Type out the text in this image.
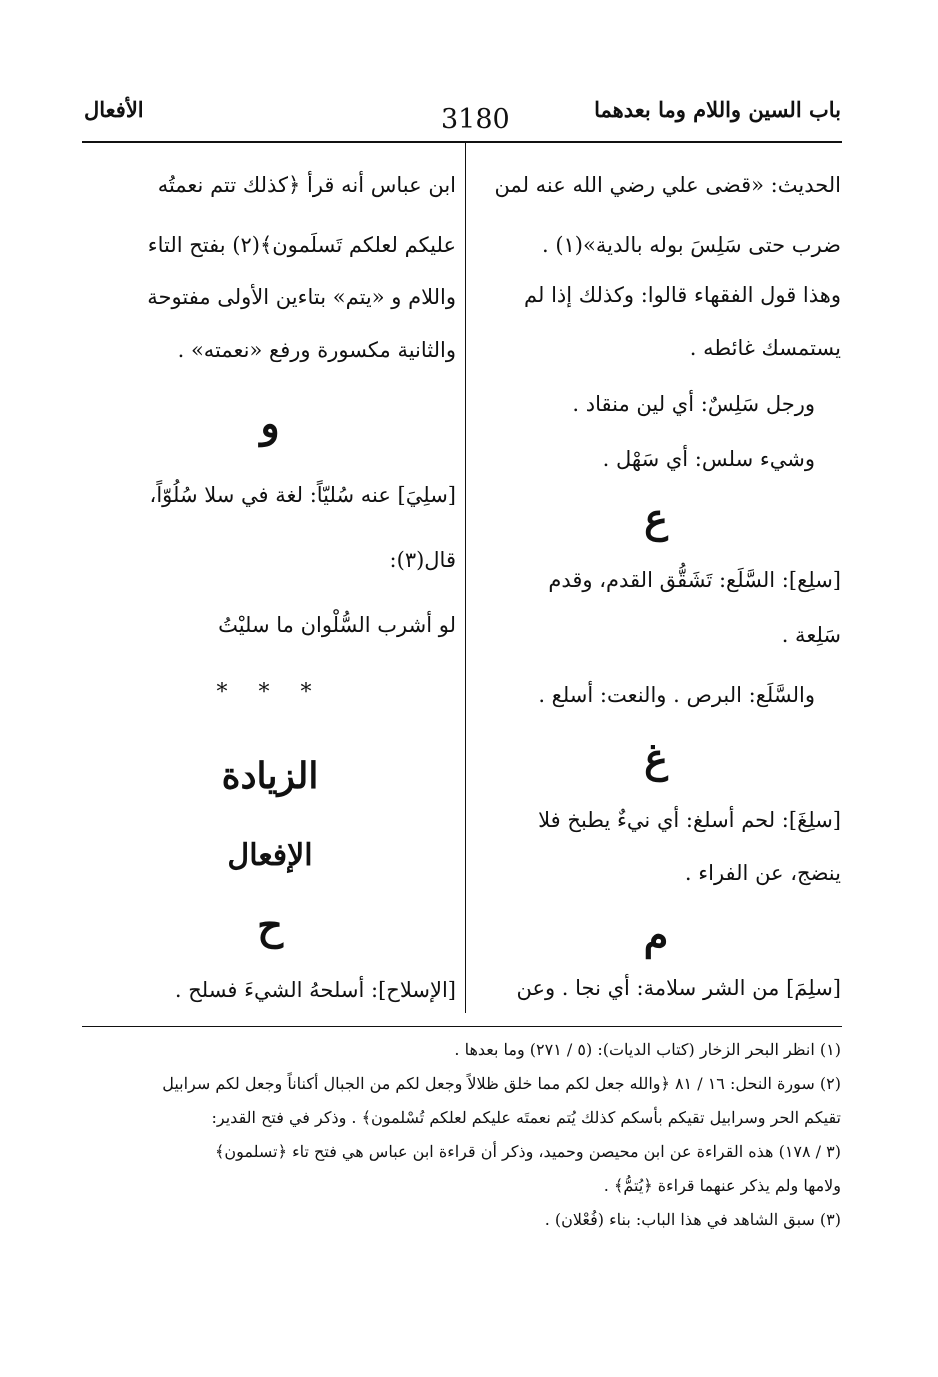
باب السين واللام وما بعدهما
3180
الأفعال
الحديث: «قضى علي رضي الله عنه لمن
ضرب حتى سَلِسَ بوله بالدية»(١) .
وهذا قول الفقهاء قالوا: وكذلك إذا لم
يستمسك غائطه .
ورجل سَلِسٌ: أي لين منقاد .
وشيء سلس: أي سَهْل .
ع
[سلِع]: السَّلَع: تَشَقُّق القدم، وقدم
سَلِعة .
والسَّلَع: البرص . والنعت: أسلع .
غ
[سلِغَ]: لحم أسلغ: أي نيءٌ يطبخ فلا
ينضج، عن الفراء .
م
[سلِمَ] من الشر سلامة: أي نجا . وعن
ابن عباس أنه قرأ ﴿كذلك تتم نعمتُه
عليكم لعلكم تَسلَمون﴾(٢) بفتح التاء
واللام و «يتم» بتاءين الأولى مفتوحة
والثانية مكسورة ورفع «نعمته» .
و
[سلِيَ] عنه سُليّاً: لغة في سلا سُلُوّاً،
قال(٣):
لو أشرب السُّلْوان ما سليْتُ
* * *
الزيادة
الإفعال
ح
[الإسلاح]: أسلحهُ الشيءَ فسلح .
(١) انظر البحر الزخار (كتاب الديات): (٥ / ٢٧١) وما بعدها .
(٢) سورة النحل: ١٦ / ٨١ ﴿والله جعل لكم مما خلق ظلالاً وجعل لكم من الجبال أكناناً وجعل لكم سرابيل
تقيكم الحر وسرابيل تقيكم بأسكم كذلك يُتم نعمتَه عليكم لعلكم تُسْلمون﴾ . وذكر في فتح القدير:
(٣ / ١٧٨) هذه القراءة عن ابن محيصن وحميد، وذكر أن قراءة ابن عباس هي فتح تاء ﴿تسلمون﴾
ولامها ولم يذكر عنهما قراءة ﴿يُتمُّ﴾ .
(٣) سبق الشاهد في هذا الباب: بناء (فُعْلان) .
